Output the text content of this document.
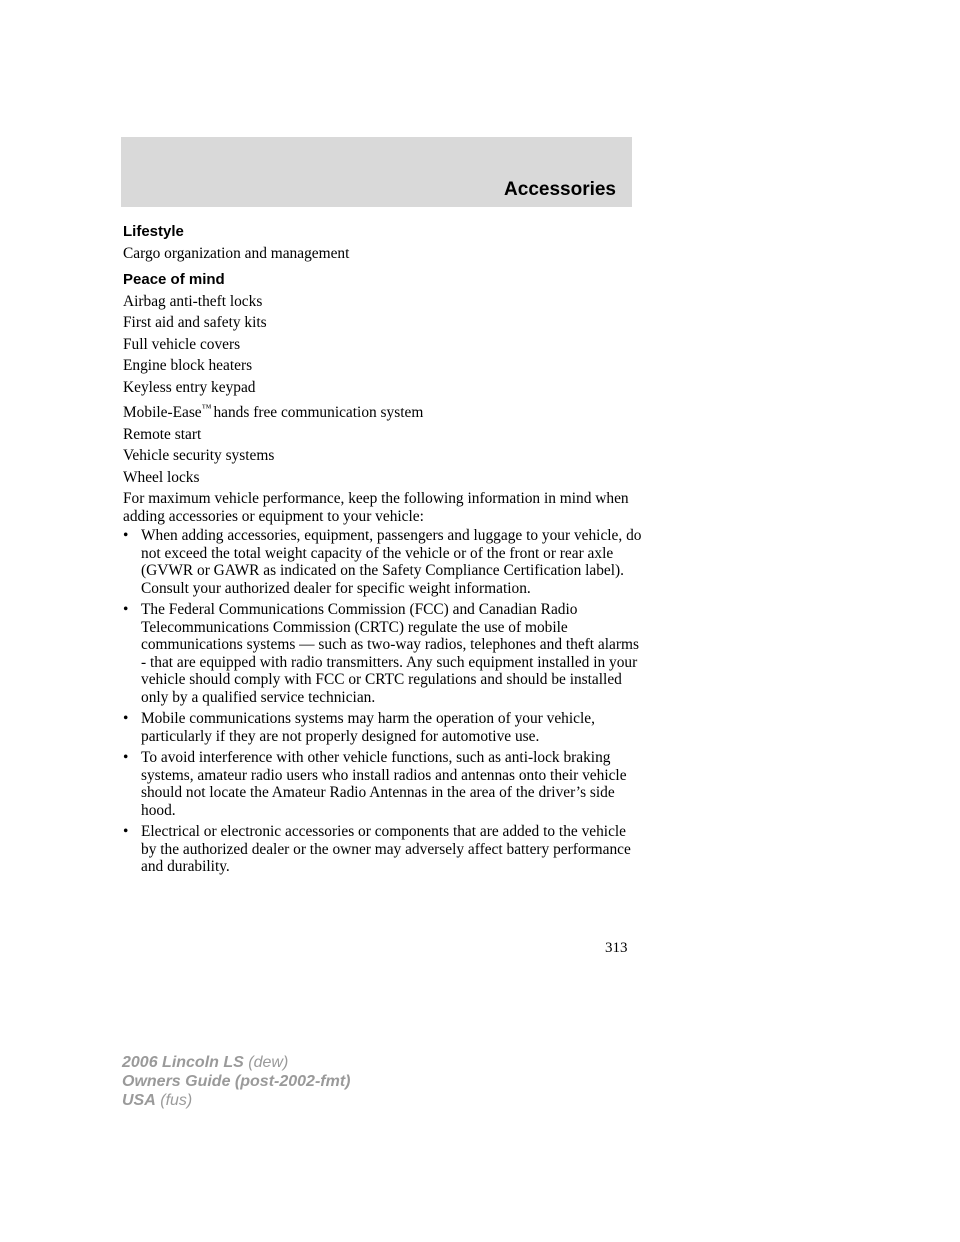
Accessories
Lifestyle
Cargo organization and management
Peace of mind
Airbag anti-theft locks
First aid and safety kits
Full vehicle covers
Engine block heaters
Keyless entry keypad
Mobile-Ease™ hands free communication system
Remote start
Vehicle security systems
Wheel locks
For maximum vehicle performance, keep the following information in mind when adding accessories or equipment to your vehicle:
• When adding accessories, equipment, passengers and luggage to your vehicle, do not exceed the total weight capacity of the vehicle or of the front or rear axle (GVWR or GAWR as indicated on the Safety Compliance Certification label). Consult your authorized dealer for specific weight information.
• The Federal Communications Commission (FCC) and Canadian Radio Telecommunications Commission (CRTC) regulate the use of mobile communications systems — such as two-way radios, telephones and theft alarms - that are equipped with radio transmitters. Any such equipment installed in your vehicle should comply with FCC or CRTC regulations and should be installed only by a qualified service technician.
• Mobile communications systems may harm the operation of your vehicle, particularly if they are not properly designed for automotive use.
• To avoid interference with other vehicle functions, such as anti-lock braking systems, amateur radio users who install radios and antennas onto their vehicle should not locate the Amateur Radio Antennas in the area of the driver’s side hood.
• Electrical or electronic accessories or components that are added to the vehicle by the authorized dealer or the owner may adversely affect battery performance and durability.
313
2006 Lincoln LS (dew)
Owners Guide (post-2002-fmt)
USA (fus)
